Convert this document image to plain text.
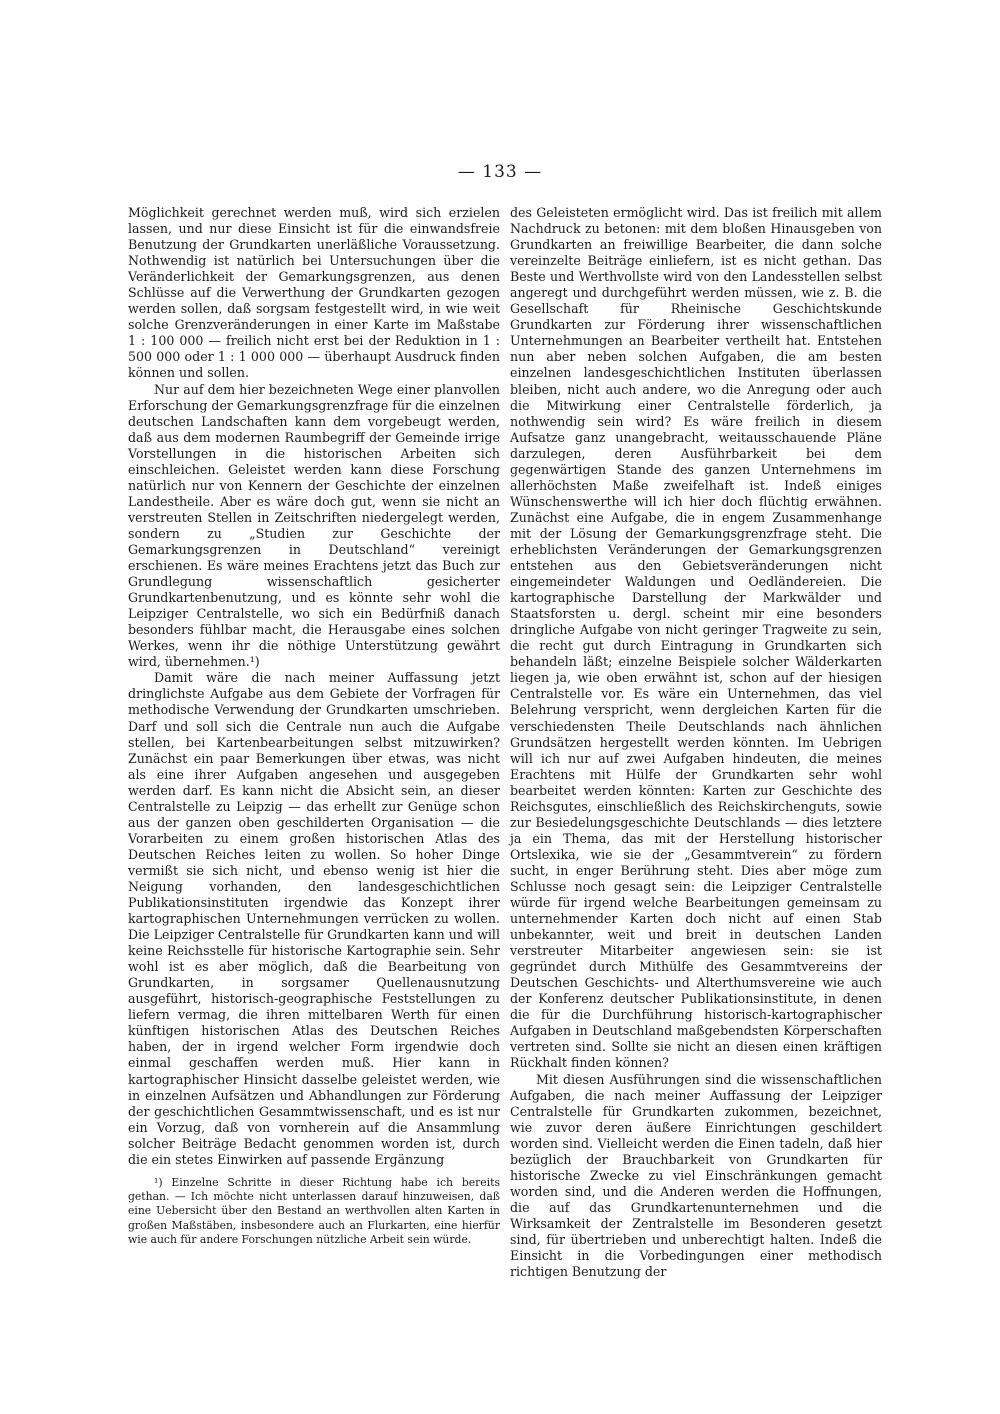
— 133 —

Möglichkeit gerechnet werden muß, wird sich erzielen lassen, und nur diese Einsicht ist für die einwandsfreie Benutzung der Grundkarten unerläßliche Voraussetzung. Nothwendig ist natürlich bei Untersuchungen über die Veränderlichkeit der Gemarkungsgrenzen, aus denen Schlüsse auf die Verwerthung der Grundkarten gezogen werden sollen, daß sorgsam festgestellt wird, in wie weit solche Grenzveränderungen in einer Karte im Maßstabe 1 : 100 000 — freilich nicht erst bei der Reduktion in 1 : 500 000 oder 1 : 1 000 000 — überhaupt Ausdruck finden können und sollen.

Nur auf dem hier bezeichneten Wege einer planvollen Erforschung der Gemarkungsgrenzfrage für die einzelnen deutschen Landschaften kann dem vorgebeugt werden, daß aus dem modernen Raumbegriff der Gemeinde irrige Vorstellungen in die historischen Arbeiten sich einschleichen. Geleistet werden kann diese Forschung natürlich nur von Kennern der Geschichte der einzelnen Landestheile. Aber es wäre doch gut, wenn sie nicht an verstreuten Stellen in Zeitschriften niedergelegt werden, sondern zu „Studien zur Geschichte der Gemarkungsgrenzen in Deutschland“ vereinigt erschienen. Es wäre meines Erachtens jetzt das Buch zur Grundlegung wissenschaftlich gesicherter Grundkartenbenutzung, und es könnte sehr wohl die Leipziger Centralstelle, wo sich ein Bedürfniß danach besonders fühlbar macht, die Herausgabe eines solchen Werkes, wenn ihr die nöthige Unterstützung gewährt wird, übernehmen.¹)

Damit wäre die nach meiner Auffassung jetzt dringlichste Aufgabe aus dem Gebiete der Vorfragen für methodische Verwendung der Grundkarten umschrieben. Darf und soll sich die Centrale nun auch die Aufgabe stellen, bei Kartenbearbeitungen selbst mitzuwirken? Zunächst ein paar Bemerkungen über etwas, was nicht als eine ihrer Aufgaben angesehen und ausgegeben werden darf. Es kann nicht die Absicht sein, an dieser Centralstelle zu Leipzig — das erhellt zur Genüge schon aus der ganzen oben geschilderten Organisation — die Vorarbeiten zu einem großen historischen Atlas des Deutschen Reiches leiten zu wollen. So hoher Dinge vermißt sie sich nicht, und ebenso wenig ist hier die Neigung vorhanden, den landesgeschichtlichen Publikationsinstituten irgendwie das Konzept ihrer kartographischen Unternehmungen verrücken zu wollen. Die Leipziger Centralstelle für Grundkarten kann und will keine Reichsstelle für historische Kartographie sein. Sehr wohl ist es aber möglich, daß die Bearbeitung von Grundkarten, in sorgsamer Quellenausnutzung ausgeführt, historisch-geographische Feststellungen zu liefern vermag, die ihren mittelbaren Werth für einen künftigen historischen Atlas des Deutschen Reiches haben, der in irgend welcher Form irgendwie doch einmal geschaffen werden muß. Hier kann in kartographischer Hinsicht dasselbe geleistet werden, wie in einzelnen Aufsätzen und Abhandlungen zur Förderung der geschichtlichen Gesammtwissenschaft, und es ist nur ein Vorzug, daß von vornherein auf die Ansammlung solcher Beiträge Bedacht genommen worden ist, durch die ein stetes Einwirken auf passende Ergänzung

¹) Einzelne Schritte in dieser Richtung habe ich bereits gethan. — Ich möchte nicht unterlassen darauf hinzuweisen, daß eine Uebersicht über den Bestand an werthvollen alten Karten in großen Maßstäben, insbesondere auch an Flurkarten, eine hierfür wie auch für andere Forschungen nützliche Arbeit sein würde.

des Geleisteten ermöglicht wird. Das ist freilich mit allem Nachdruck zu betonen: mit dem bloßen Hinausgeben von Grundkarten an freiwillige Bearbeiter, die dann solche vereinzelte Beiträge einliefern, ist es nicht gethan. Das Beste und Werthvollste wird von den Landesstellen selbst angeregt und durchgeführt werden müssen, wie z. B. die Gesellschaft für Rheinische Geschichtskunde Grundkarten zur Förderung ihrer wissenschaftlichen Unternehmungen an Bearbeiter vertheilt hat. Entstehen nun aber neben solchen Aufgaben, die am besten einzelnen landesgeschichtlichen Instituten überlassen bleiben, nicht auch andere, wo die Anregung oder auch die Mitwirkung einer Centralstelle förderlich, ja nothwendig sein wird? Es wäre freilich in diesem Aufsatze ganz unangebracht, weitausschauende Pläne darzulegen, deren Ausführbarkeit bei dem gegenwärtigen Stande des ganzen Unternehmens im allerhöchsten Maße zweifelhaft ist. Indeß einiges Wünschenswerthe will ich hier doch flüchtig erwähnen. Zunächst eine Aufgabe, die in engem Zusammenhange mit der Lösung der Gemarkungsgrenzfrage steht. Die erheblichsten Veränderungen der Gemarkungsgrenzen entstehen aus den Gebietsveränderungen nicht eingemeindeter Waldungen und Oedländereien. Die kartographische Darstellung der Markwälder und Staatsforsten u. dergl. scheint mir eine besonders dringliche Aufgabe von nicht geringer Tragweite zu sein, die recht gut durch Eintragung in Grundkarten sich behandeln läßt; einzelne Beispiele solcher Wälderkarten liegen ja, wie oben erwähnt ist, schon auf der hiesigen Centralstelle vor. Es wäre ein Unternehmen, das viel Belehrung verspricht, wenn dergleichen Karten für die verschiedensten Theile Deutschlands nach ähnlichen Grundsätzen hergestellt werden könnten. Im Uebrigen will ich nur auf zwei Aufgaben hindeuten, die meines Erachtens mit Hülfe der Grundkarten sehr wohl bearbeitet werden könnten: Karten zur Geschichte des Reichsgutes, einschließlich des Reichskirchenguts, sowie zur Besiedelungsgeschichte Deutschlands — dies letztere ja ein Thema, das mit der Herstellung historischer Ortslexika, wie sie der „Gesammtverein“ zu fördern sucht, in enger Berührung steht. Dies aber möge zum Schlusse noch gesagt sein: die Leipziger Centralstelle würde für irgend welche Bearbeitungen gemeinsam zu unternehmender Karten doch nicht auf einen Stab unbekannter, weit und breit in deutschen Landen verstreuter Mitarbeiter angewiesen sein: sie ist gegründet durch Mithülfe des Gesammtvereins der Deutschen Geschichts- und Alterthumsvereine wie auch der Konferenz deutscher Publikationsinstitute, in denen die für die Durchführung historisch-kartographischer Aufgaben in Deutschland maßgebendsten Körperschaften vertreten sind. Sollte sie nicht an diesen einen kräftigen Rückhalt finden können?

Mit diesen Ausführungen sind die wissenschaftlichen Aufgaben, die nach meiner Auffassung der Leipziger Centralstelle für Grundkarten zukommen, bezeichnet, wie zuvor deren äußere Einrichtungen geschildert worden sind. Vielleicht werden die Einen tadeln, daß hier bezüglich der Brauchbarkeit von Grundkarten für historische Zwecke zu viel Einschränkungen gemacht worden sind, und die Anderen werden die Hoffnungen, die auf das Grundkartenunternehmen und die Wirksamkeit der Zentralstelle im Besonderen gesetzt sind, für übertrieben und unberechtigt halten. Indeß die Einsicht in die Vorbedingungen einer methodisch richtigen Benutzung der
